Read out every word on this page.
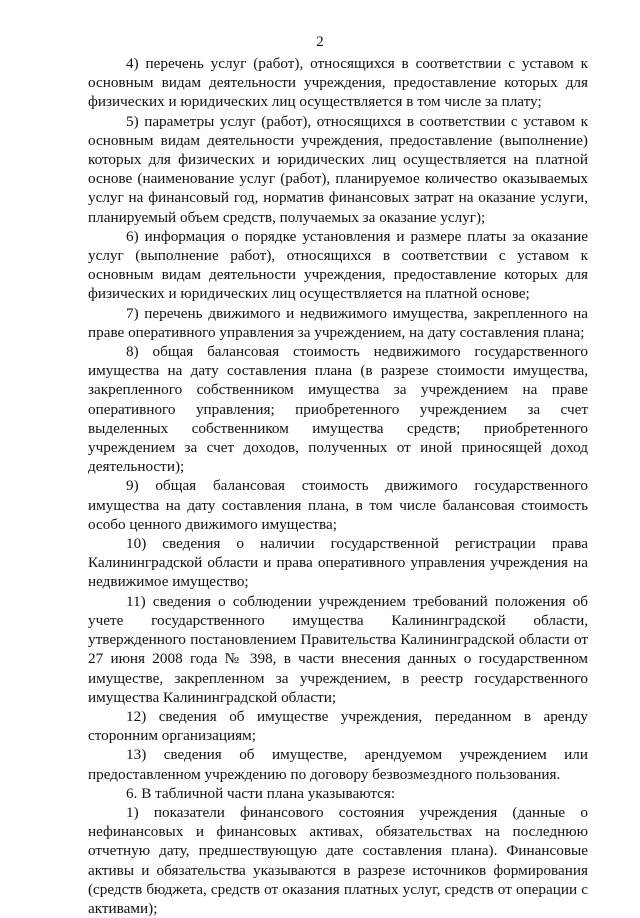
2

4) перечень услуг (работ), относящихся в соответствии с уставом к основным видам деятельности учреждения, предоставление которых для физических и юридических лиц осуществляется в том числе за плату;

5) параметры услуг (работ), относящихся в соответствии с уставом к основным видам деятельности учреждения, предоставление (выполнение) которых для физических и юридических лиц осуществляется на платной основе (наименование услуг (работ), планируемое количество оказываемых услуг на финансовый год, норматив финансовых затрат на оказание услуги, планируемый объем средств, получаемых за оказание услуг);

6) информация о порядке установления и размере платы за оказание услуг (выполнение работ), относящихся в соответствии с уставом к основным видам деятельности учреждения, предоставление которых для физических и юридических лиц осуществляется на платной основе;

7) перечень движимого и недвижимого имущества, закрепленного на праве оперативного управления за учреждением, на дату составления плана;

8) общая балансовая стоимость недвижимого государственного имущества на дату составления плана (в разрезе стоимости имущества, закрепленного собственником имущества за учреждением на праве оперативного управления; приобретенного учреждением за счет выделенных собственником имущества средств; приобретенного учреждением за счет доходов, полученных от иной приносящей доход деятельности);

9) общая балансовая стоимость движимого государственного имущества на дату составления плана, в том числе балансовая стоимость особо ценного движимого имущества;

10) сведения о наличии государственной регистрации права Калининградской области и права оперативного управления учреждения на недвижимое имущество;

11) сведения о соблюдении учреждением требований положения об учете государственного имущества Калининградской области, утвержденного постановлением Правительства Калининградской области от 27 июня 2008 года № 398, в части внесения данных о государственном имуществе, закрепленном за учреждением, в реестр государственного имущества Калининградской области;

12) сведения об имуществе учреждения, переданном в аренду сторонним организациям;

13) сведения об имуществе, арендуемом учреждением или предоставленном учреждению по договору безвозмездного пользования.

6. В табличной части плана указываются:

1) показатели финансового состояния учреждения (данные о нефинансовых и финансовых активах, обязательствах на последнюю отчетную дату, предшествующую дате составления плана). Финансовые активы и обязательства указываются в разрезе источников формирования (средств бюджета, средств от оказания платных услуг, средств от операции с активами);
